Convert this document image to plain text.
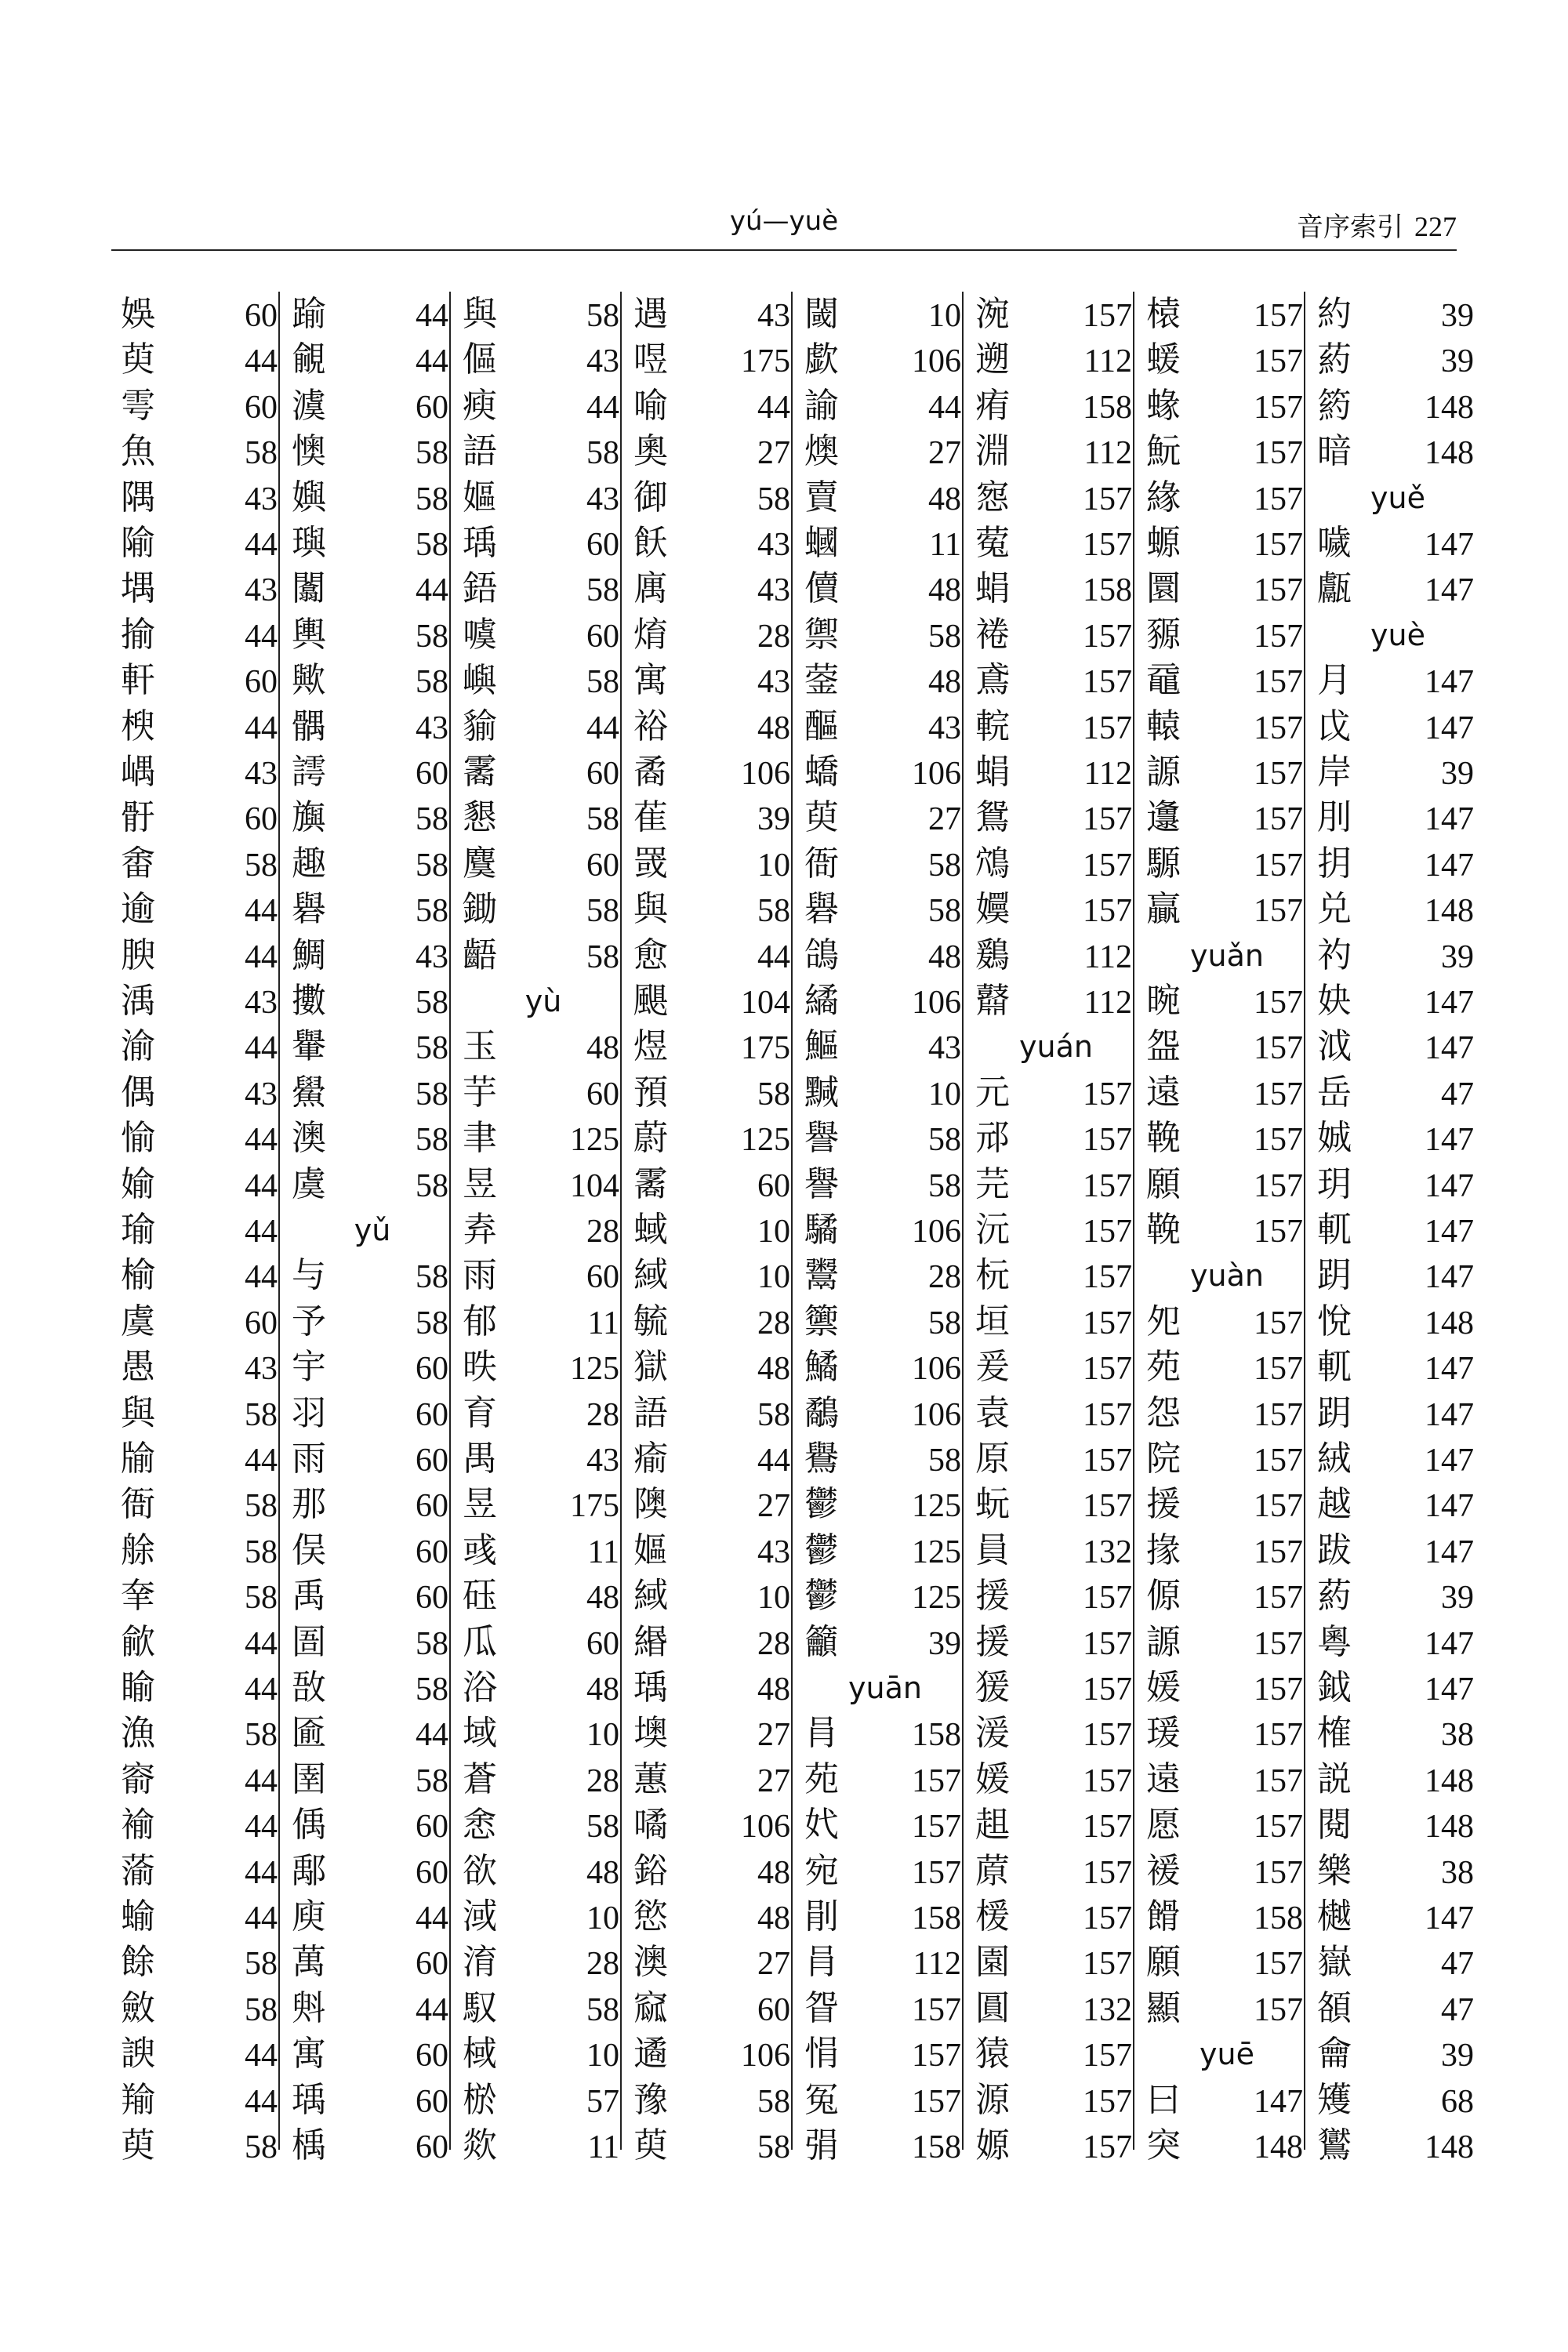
yú—yuè	音序索引 227
娛	60
萸	44
雩	60
魚	58
隅	43
隃	44
堣	43
揄	44
軒	60
楰	44
嵎	43
骬	60
畬	58
逾	44
腴	44
渪	43
渝	44
偶	43
愉	44
媮	44
瑜	44
榆	44
虞	60
愚	43
與	58
牏	44
衙	58
艅	58
羍	58
歈	44
睮	44
漁	58
窬	44
褕	44
蕍	44
蝓	44
餘	58
斂	58
諛	44
羭	44
萸	58
踰	44
覦	44
澞	60
懊	58
嬩	58
璵	58
闟	44
輿	58
歟	58
髃	43
謣	60
旟	58
趣	58
礜	58
鯛	43
擻	58
轝	58
鱟	58
澳	58
虞	58
yǔ
与	58
予	58
宇	60
羽	60
雨	60
那	60
俣	60
禹	60
圄	58
敔	58
匬	44
圉	58
偊	60
鄅	60
庾	44
萬	60
斞	44
寓	60
瑀	60
楀	60
與	58
傴	43
瘐	44
語	58
嫗	43
瑀	60
鋙	58
噳	60
嶼	58
貐	44
霱	60
懇	58
麌	60
鋤	58
齬	58
yù
玉	48
芋	60
聿 125
昱 104
弆	28
雨	60
郁	11
昳 125
育	28
禺	43
昱 175
彧	11
砡	48
瓜	60
浴	48
域	10
蒼	28
悆	58
欲	48
淢	10
淯	28
馭	58
棫	10
棜	57
欻	11
遇	43
喅 175
喻	44
奧	27
御	58
飫	43
庽	43
焴	28
寓	43
裕	48
矞 106
萑	39
罭	10
與	58
愈	44
颶 104
煜 175
預	58
蔚 125
霱	60
蜮	10
緎	10
毓	28
獄	48
語	58
瘉	44
隩	27
嫗	43
緎	10
緡	28
瑀	48
墺	27
蕙	27
噊 106
鋊	48
慾	48
澳	27
窳	60
遹 106
豫	58
萸	58
閾	10
歔 106
諭	44
燠	27
賣	48
蟈	11
儥	48
禦	58
蓥	48
醧	43
蟜 106
萸	27
衙	58
礜	58
鴿	48
繘 106
鰸	43
黬	10
譽	58
譽	58
驈 106
鬻	28
籞	58
鱊 106
鷸 106
鸒	58
鬱 125
鬱 125
鬱 125
籲	39
yuān
肙 158
苑 157
㚤 157
宛 157
剈 158
肙 112
眢 157
悁 157
冤 157
弲 158
涴 157
遡 112
痏 158
淵 112
惌 157
蒬 157
蜎 158
裷 157
鳶 157
輐 157
蜎 112
鴛 157
鴪 157
嬽 157
鶢 112
鼘 112
yuán
元 157
邧 157
芫 157
沅 157
杬 157
垣 157
爰 157
袁 157
原 157
蚖 157
員 132
援 157
援 157
猨 157
湲 157
媛 157
趄 157
蒝 157
楥 157
園 157
圓 132
猿 157
源 157
嫄 157
榬 157
蝯 157
蝝 157
魭 157
緣 157
螈 157
圜 157
豲 157
黿 157
轅 157
謜 157
邍 157
騵 157
贏 157
yuǎn
晼 157
盌 157
遠 157
鞔 157
願 157
鞔 157
yuàn
夗 157
苑 157
怨 157
院 157
援 157
掾 157
傆 157
謜 157
媛 157
瑗 157
遠 157
愿 157
褑 157
餶 158
願 157
顯 157
yuē
曰 147
突 148
約	39
葯	39
箹 148
暗 148
yuě
噦 147
甗 147
yuè
月 147
戉 147
岸	39
刖 147
抈 147
兑 148
礿	39
妜 147
泧 147
岳	47
娍 147
玥 147
軏 147
跀 147
悅 148
軏 147
跀 147
絨 147
越 147
跋 147
葯	39
粵 147
鉞 147
榷	38
説 148
閱 148
樂	38
樾 147
嶽	47
頟	47
龠	39
矱	68
鸑 148
